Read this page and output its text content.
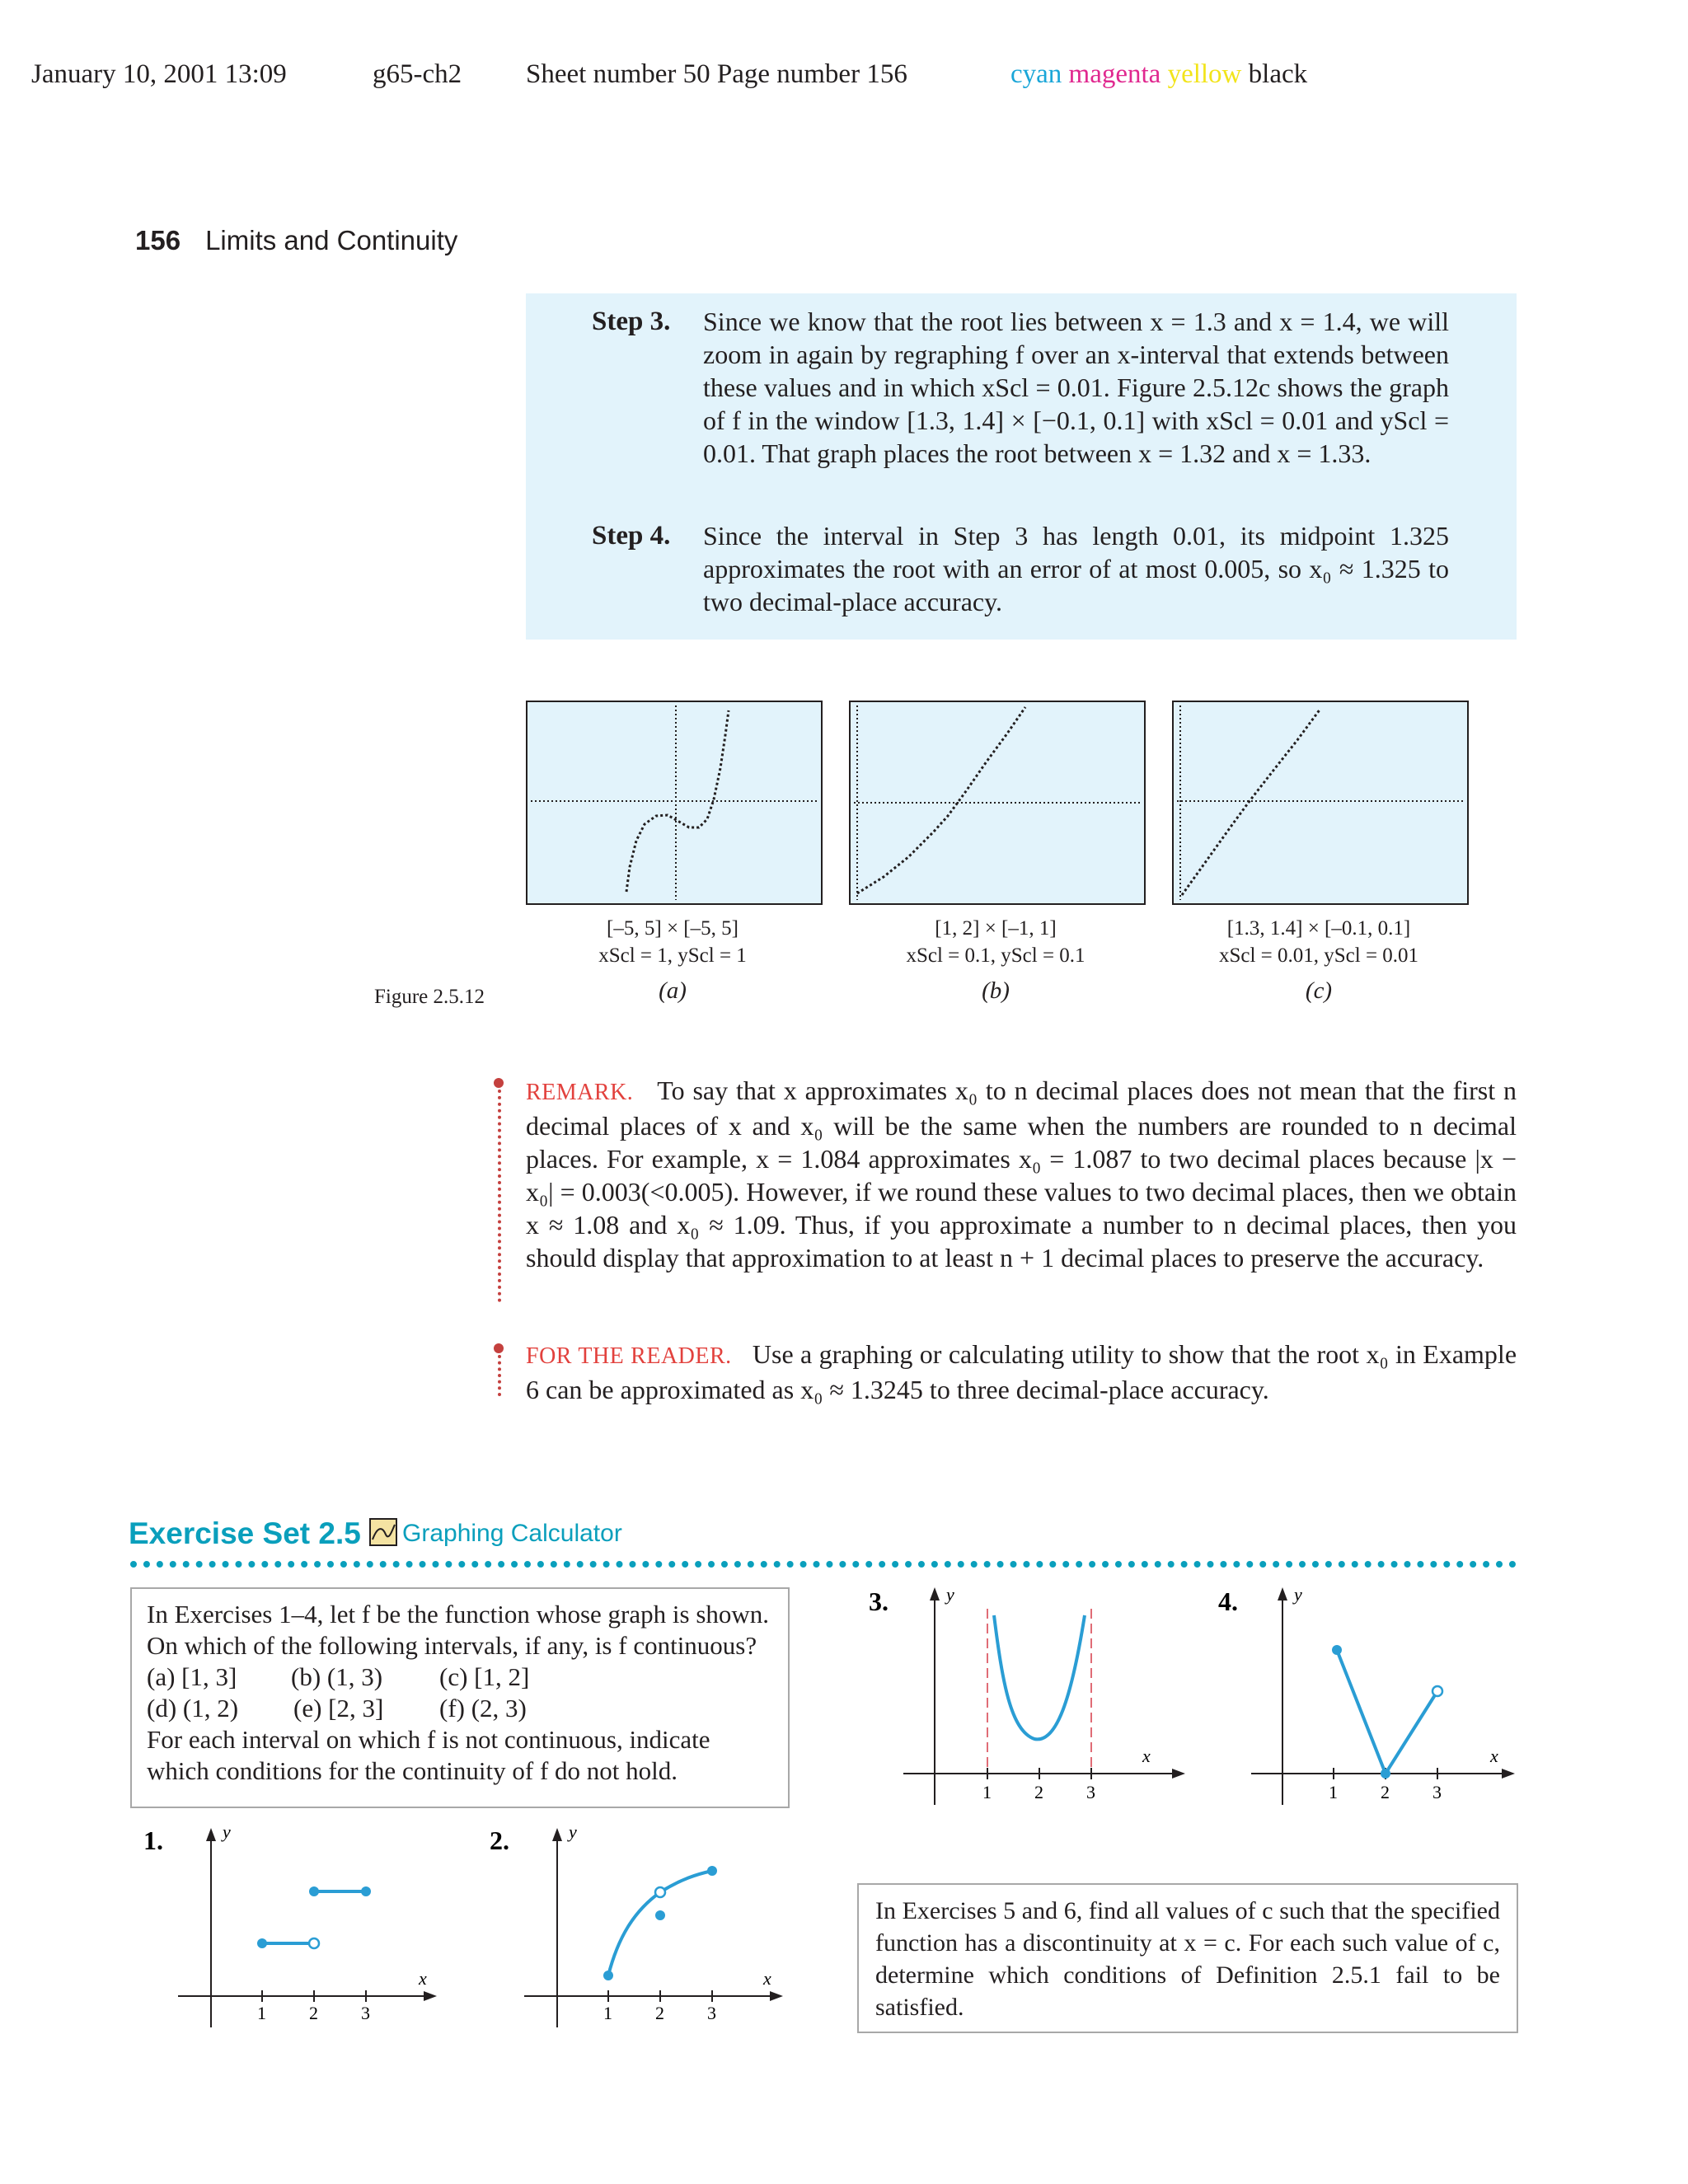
January 10, 2001 13:09	g65-ch2 Sheet number 50 Page number 156	cyan magenta yellow black
156 Limits and Continuity
Step 3. Since we know that the root lies between x = 1.3 and x = 1.4, we will zoom in again by regraphing f over an x-interval that extends between these values and in which xScl = 0.01. Figure 2.5.12c shows the graph of f in the window [1.3, 1.4] × [−0.1, 0.1] with xScl = 0.01 and yScl = 0.01. That graph places the root between x = 1.32 and x = 1.33.
Step 4. Since the interval in Step 3 has length 0.01, its midpoint 1.325 approximates the root with an error of at most 0.005, so x₀ ≈ 1.325 to two decimal-place accuracy.
[–5, 5] × [–5, 5]
xScl = 1, yScl = 1
[1, 2] × [–1, 1]
xScl = 0.1, yScl = 0.1
[1.3, 1.4] × [–0.1, 0.1]
xScl = 0.01, yScl = 0.01
(a)	(b)	(c)
Figure 2.5.12
REMARK. To say that x approximates x₀ to n decimal places does not mean that the first n decimal places of x and x₀ will be the same when the numbers are rounded to n decimal places. For example, x = 1.084 approximates x₀ = 1.087 to two decimal places because |x − x₀| = 0.003(<0.005). However, if we round these values to two decimal places, then we obtain x ≈ 1.08 and x₀ ≈ 1.09. Thus, if you approximate a number to n decimal places, then you should display that approximation to at least n + 1 decimal places to preserve the accuracy.
FOR THE READER. Use a graphing or calculating utility to show that the root x₀ in Example 6 can be approximated as x₀ ≈ 1.3245 to three decimal-place accuracy.
Exercise Set 2.5 Graphing Calculator
In Exercises 1–4, let f be the function whose graph is shown. On which of the following intervals, if any, is f continuous?
(a) [1, 3] (b) (1, 3) (c) [1, 2]
(d) (1, 2) (e) [2, 3] (f) (2, 3)
For each interval on which f is not continuous, indicate which conditions for the continuity of f do not hold.
In Exercises 5 and 6, find all values of c such that the specified function has a discontinuity at x = c. For each such value of c, determine which conditions of Definition 2.5.1 fail to be satisfied.
1.	y
x
1 2 3
2.	y
x
1 2 3
3.	y
x
1 2 3
4.	y
x
1 2 3
